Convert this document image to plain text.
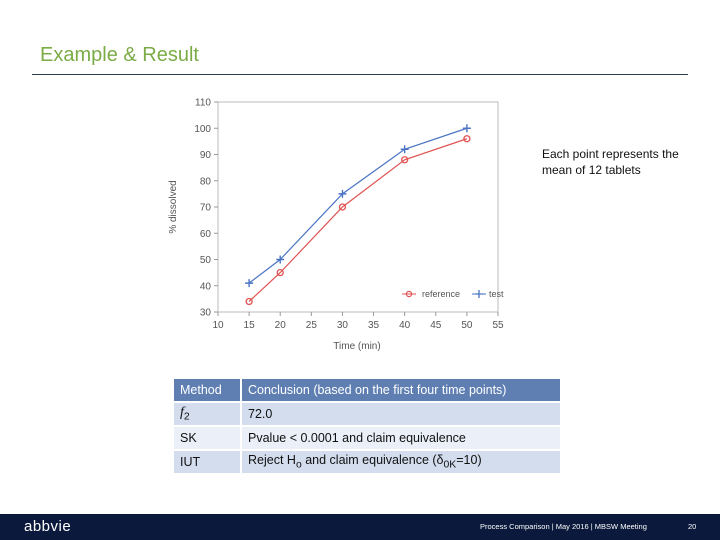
Example & Result
30
40
50
60
70
80
90
100
110
10 15 20 25 30 35 40 45 50 55
% dissolved
Time (min)
reference	test
Each point represents the mean of 12 tablets
Method	Conclusion (based on the first four time points)
$f_2$	72.0
SK	Pvalue < 0.0001 and claim equivalence
IUT	Reject $H_o$ and claim equivalence $(\delta_{0K}=10)$
abbvie	Process Comparison | May 2016 | MBSW Meeting	20
